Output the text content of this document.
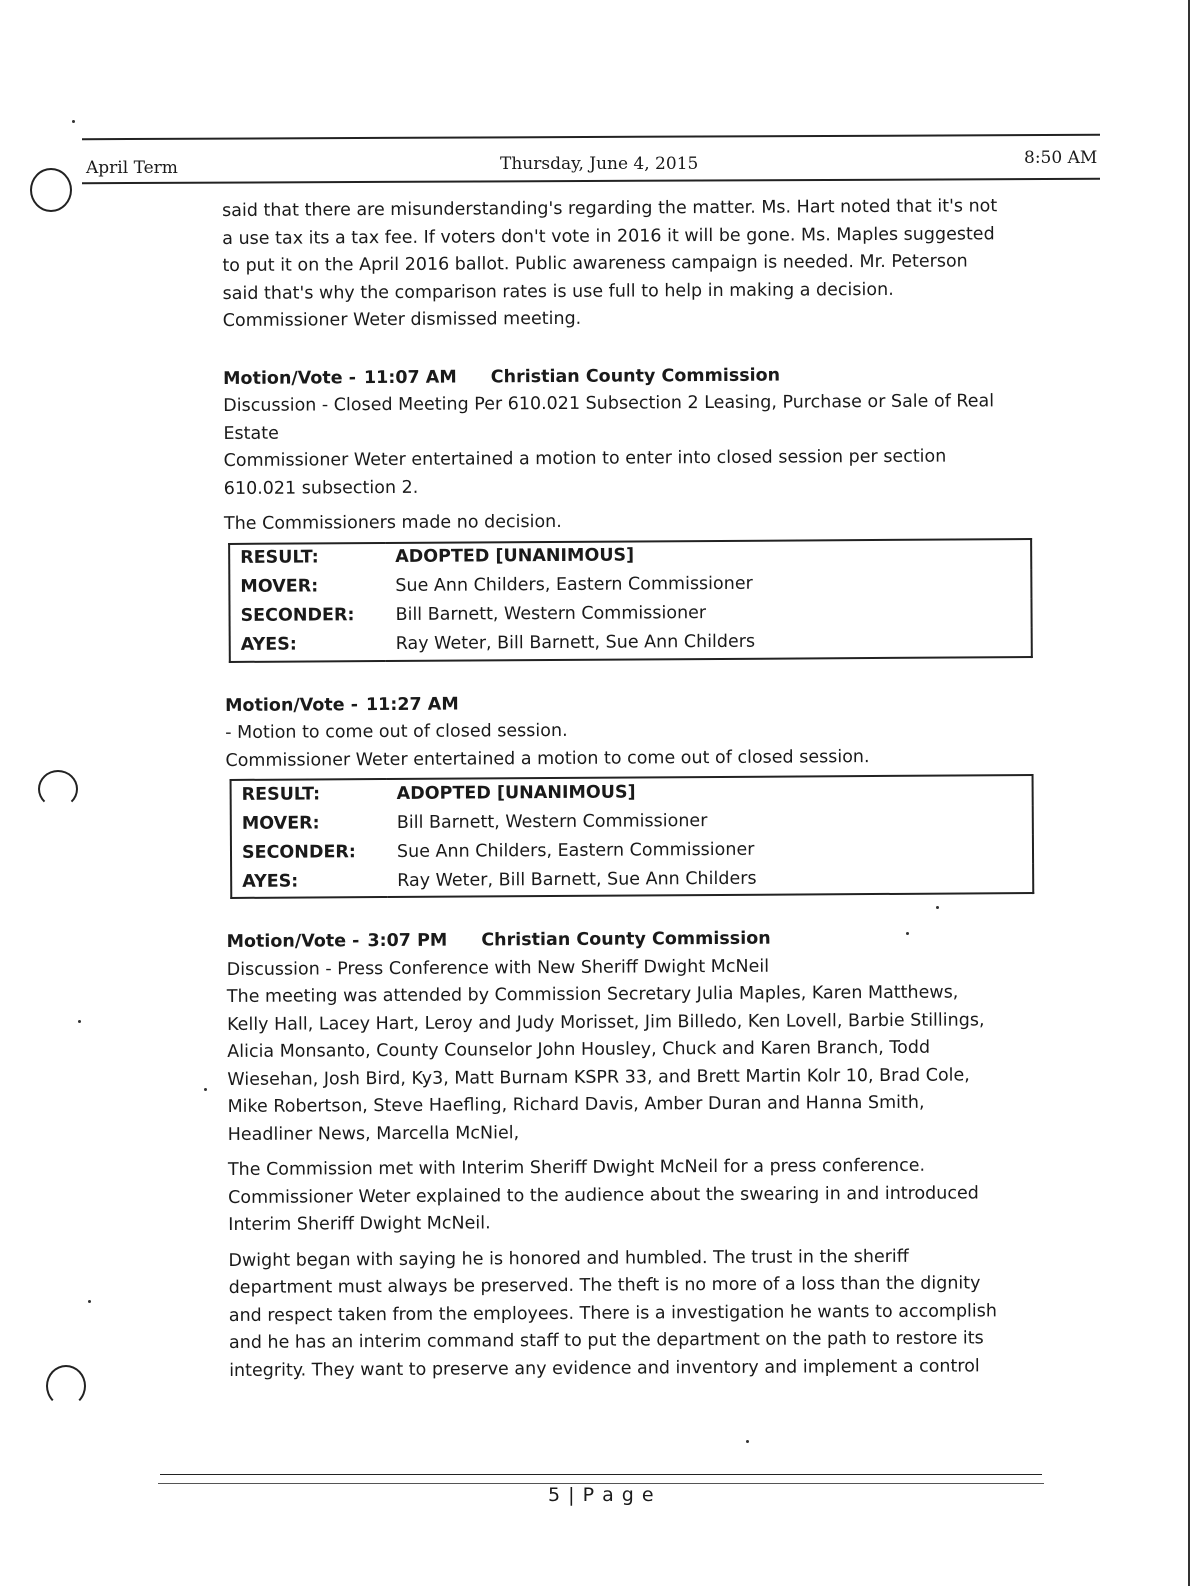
April Term	Thursday, June 4, 2015	8:50 AM

said that there are misunderstanding's regarding the matter. Ms. Hart noted that it's not

a use tax its a tax fee. If voters don't vote in 2016 it will be gone. Ms. Maples suggested

to put it on the April 2016 ballot. Public awareness campaign is needed. Mr. Peterson

said that's why the comparison rates is use full to help in making a decision.

Commissioner Weter dismissed meeting.

Motion/Vote - 11:07 AM Christian County Commission

Discussion - Closed Meeting Per 610.021 Subsection 2 Leasing, Purchase or Sale of Real

Estate

Commissioner Weter entertained a motion to enter into closed session per section

610.021 subsection 2.

The Commissioners made no decision.

RESULT:	ADOPTED [UNANIMOUS]
MOVER:	Sue Ann Childers, Eastern Commissioner
SECONDER:	Bill Barnett, Western Commissioner
AYES:	Ray Weter, Bill Barnett, Sue Ann Childers

Motion/Vote - 11:27 AM

- Motion to come out of closed session.

Commissioner Weter entertained a motion to come out of closed session.

RESULT:	ADOPTED [UNANIMOUS]
MOVER:	Bill Barnett, Western Commissioner
SECONDER:	Sue Ann Childers, Eastern Commissioner
AYES:	Ray Weter, Bill Barnett, Sue Ann Childers

Motion/Vote - 3:07 PM Christian County Commission

Discussion - Press Conference with New Sheriff Dwight McNeil

The meeting was attended by Commission Secretary Julia Maples, Karen Matthews,

Kelly Hall, Lacey Hart, Leroy and Judy Morisset, Jim Billedo, Ken Lovell, Barbie Stillings,

Alicia Monsanto, County Counselor John Housley, Chuck and Karen Branch, Todd

Wiesehan, Josh Bird, Ky3, Matt Burnam KSPR 33, and Brett Martin Kolr 10, Brad Cole,

Mike Robertson, Steve Haefling, Richard Davis, Amber Duran and Hanna Smith,

Headliner News, Marcella McNiel,

The Commission met with Interim Sheriff Dwight McNeil for a press conference.

Commissioner Weter explained to the audience about the swearing in and introduced

Interim Sheriff Dwight McNeil.

Dwight began with saying he is honored and humbled. The trust in the sheriff

department must always be preserved. The theft is no more of a loss than the dignity

and respect taken from the employees. There is a investigation he wants to accomplish

and he has an interim command staff to put the department on the path to restore its

integrity. They want to preserve any evidence and inventory and implement a control

5 | P a g e
